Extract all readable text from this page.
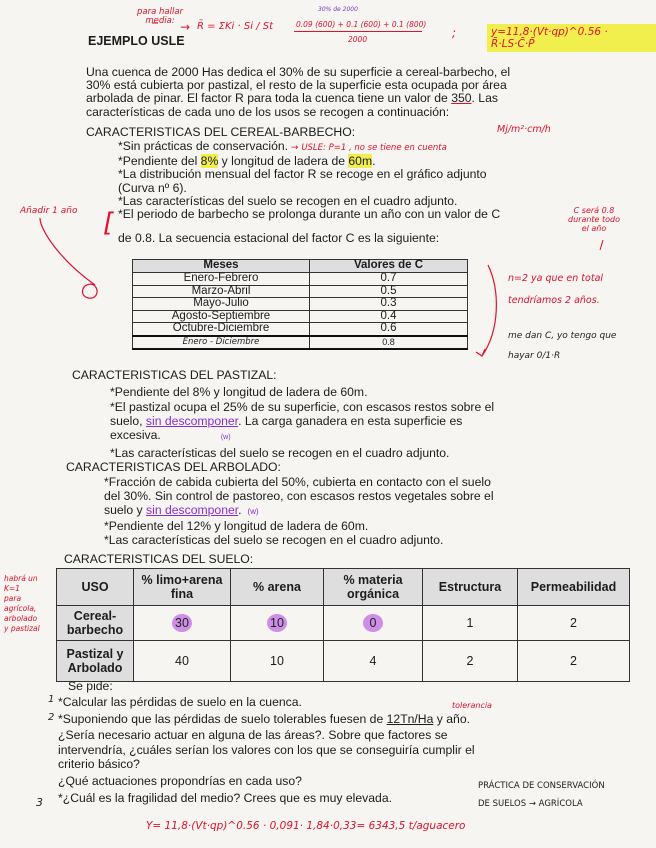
para hallar
media: →
EJEMPLO USLE
R̄ = ΣKi · Si / St
30% de 2000
0.09 (600) + 0.1 (600) + 0.1 (800)
2000	;	y=11,8·(Vt·qp)^0.56 · R̄·LS·C̄·P̄
Una cuenca de 2000 Has dedica el 30% de su superficie a cereal-barbecho, el
30% está cubierta por pastizal, el resto de la superficie esta ocupada por área
arbolada de pinar. El factor R para toda la cuenca tiene un valor de 350. Las
características de cada uno de los usos se recogen a continuación:
Mj/m²·cm/h
CARACTERISTICAS DEL CEREAL-BARBECHO:
*Sin prácticas de conservación. → USLE: P=1 , no se tiene en cuenta
*Pendiente del 8% y longitud de ladera de 60m.
*La distribución mensual del factor R se recoge en el gráfico adjunto
(Curva nº 6).
*Las características del suelo se recogen en el cuadro adjunto.
*El periodo de barbecho se prolonga durante un año con un valor de C
de 0.8. La secuencia estacional del factor C es la siguiente:
Añadir 1 año [	C será 0.8
durante todo
el año
Meses	Valores de C
Enero-Febrero	0.7
Marzo-Abril	0.5
Mayo-Julio	0.3
Agosto-Septiembre	0.4
Octubre-Diciembre	0.6
Enero - Diciembre	0.8
n=2 ya que en total
tendríamos 2 años.
me dan C, yo tengo que
hayar 0/1·R
CARACTERISTICAS DEL PASTIZAL:
*Pendiente del 8% y longitud de ladera de 60m.
*El pastizal ocupa el 25% de su superficie, con escasos restos sobre el
suelo, sin descomponer. La carga ganadera en esta superficie es
excesiva.	(w)
*Las características del suelo se recogen en el cuadro adjunto.
CARACTERISTICAS DEL ARBOLADO:
*Fracción de cabida cubierta del 50%, cubierta en contacto con el suelo
del 30%. Sin control de pastoreo, con escasos restos vegetales sobre el
suelo y sin descomponer. (w)
*Pendiente del 12% y longitud de ladera de 60m.
*Las características del suelo se recogen en el cuadro adjunto.
CARACTERISTICAS DEL SUELO:
habrá un
K=1
para
agrícola,
arbolado
y pastizal
USO	% limo+arena fina	% arena	% materia orgánica	Estructura	Permeabilidad
Cereal-barbecho	30	10	0	1	2
Pastizal y Arbolado	40	10	4	2	2
Se pide:
1
2
tolerancia
*Calcular las pérdidas de suelo en la cuenca.
*Suponiendo que las pérdidas de suelo tolerables fuesen de 12Tn/Ha y año.
¿Sería necesario actuar en alguna de las áreas?. Sobre que factores se
intervendría, ¿cuáles serían los valores con los que se conseguiría cumplir el
criterio básico?
¿Qué actuaciones propondrías en cada uso?
*¿Cuál es la fragilidad del medio? Crees que es muy elevada.
3
PRÁCTICA DE CONSERVACIÓN
DE SUELOS → AGRÍCOLA
Y= 11,8·(Vt·qp)^0.56 · 0,091· 1,84·0,33= 6343,5 t/aguacero
